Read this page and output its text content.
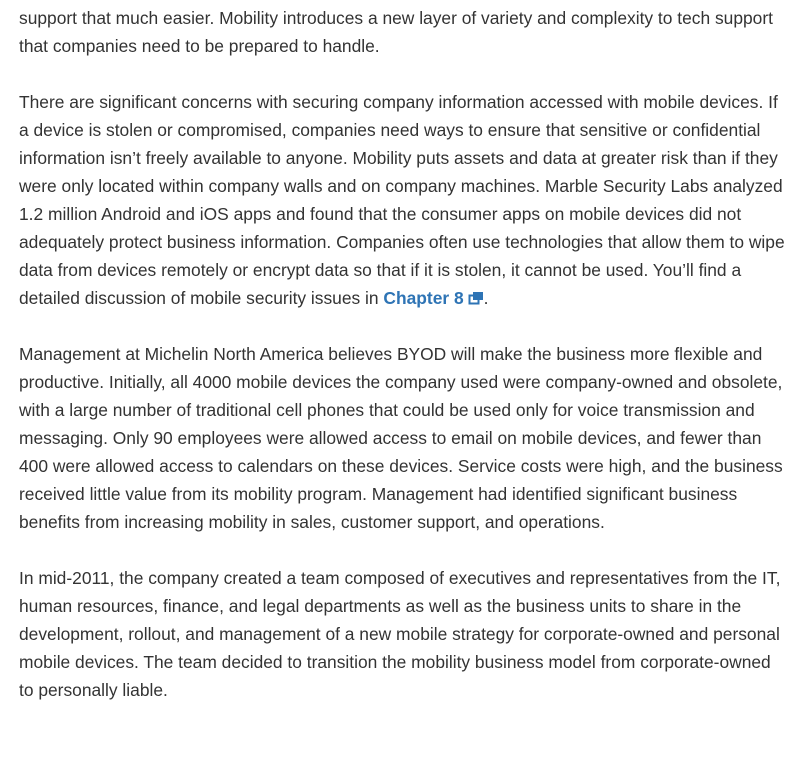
support that much easier. Mobility introduces a new layer of variety and complexity to tech support that companies need to be prepared to handle.

There are significant concerns with securing company information accessed with mobile devices. If a device is stolen or compromised, companies need ways to ensure that sensitive or confidential information isn’t freely available to anyone. Mobility puts assets and data at greater risk than if they were only located within company walls and on company machines. Marble Security Labs analyzed 1.2 million Android and iOS apps and found that the consumer apps on mobile devices did not adequately protect business information. Companies often use technologies that allow them to wipe data from devices remotely or encrypt data so that if it is stolen, it cannot be used. You’ll find a detailed discussion of mobile security issues in Chapter 8 .

Management at Michelin North America believes BYOD will make the business more flexible and productive. Initially, all 4000 mobile devices the company used were company-owned and obsolete, with a large number of traditional cell phones that could be used only for voice transmission and messaging. Only 90 employees were allowed access to email on mobile devices, and fewer than 400 were allowed access to calendars on these devices. Service costs were high, and the business received little value from its mobility program. Management had identified significant business benefits from increasing mobility in sales, customer support, and operations.

In mid-2011, the company created a team composed of executives and representatives from the IT, human resources, finance, and legal departments as well as the business units to share in the development, rollout, and management of a new mobile strategy for corporate-owned and personal mobile devices. The team decided to transition the mobility business model from corporate-owned to personally liable.
